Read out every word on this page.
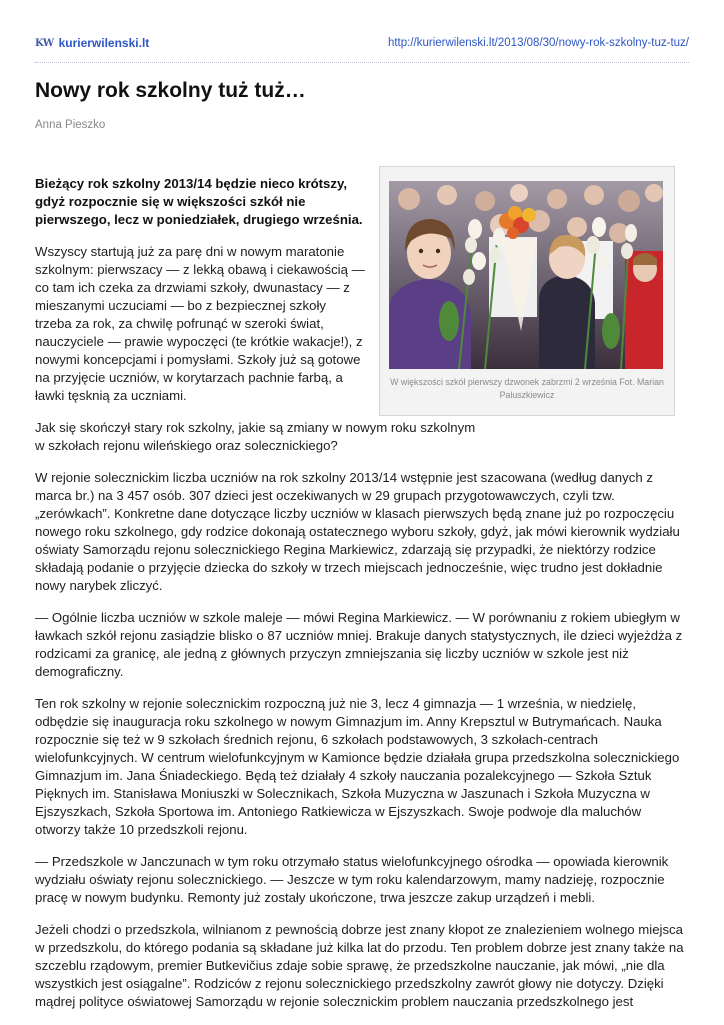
KW kurierwilenski.lt	http://kurierwilenski.lt/2013/08/30/nowy-rok-szkolny-tuz-tuz/
Nowy rok szkolny tuż tuż…
Anna Pieszko
W większości szkół pierwszy dzwonek zabrzmi 2 września Fot. Marian Paluszkiewicz

Bieżący rok szkolny 2013/14 będzie nieco krótszy, gdyż rozpocznie się w większości szkół nie pierwszego, lecz w poniedziałek, drugiego września.

Wszyscy startują już za parę dni w nowym maratonie szkolnym: pierwszacy — z lekką obawą i ciekawością — co tam ich czeka za drzwiami szkoły, dwunastacy — z mieszanymi uczuciami — bo z bezpiecznej szkoły trzeba za rok, za chwilę pofrunąć w szeroki świat, nauczyciele — prawie wypoczęci (te krótkie wakacje!), z nowymi koncepcjami i pomysłami. Szkoły już są gotowe na przyjęcie uczniów, w korytarzach pachnie farbą, a ławki tęsknią za uczniami.

Jak się skończył stary rok szkolny, jakie są zmiany w nowym roku szkolnym w szkołach rejonu wileńskiego oraz solecznickiego?

W rejonie solecznickim liczba uczniów na rok szkolny 2013/14 wstępnie jest szacowana (według danych z marca br.) na 3 457 osób. 307 dzieci jest oczekiwanych w 29 grupach przygotowawczych, czyli tzw. „zerówkach”. Konkretne dane dotyczące liczby uczniów w klasach pierwszych będą znane już po rozpoczęciu nowego roku szkolnego, gdy rodzice dokonają ostatecznego wyboru szkoły, gdyż, jak mówi kierownik wydziału oświaty Samorządu rejonu solecznickiego Regina Markiewicz, zdarzają się przypadki, że niektórzy rodzice składają podanie o przyjęcie dziecka do szkoły w trzech miejscach jednocześnie, więc trudno jest dokładnie nowy narybek zliczyć.

— Ogólnie liczba uczniów w szkole maleje — mówi Regina Markiewicz. — W porównaniu z rokiem ubiegłym w ławkach szkół rejonu zasiądzie blisko o 87 uczniów mniej. Brakuje danych statystycznych, ile dzieci wyjeżdża z rodzicami za granicę, ale jedną z głównych przyczyn zmniejszania się liczby uczniów w szkole jest niż demograficzny.

Ten rok szkolny w rejonie solecznickim rozpoczną już nie 3, lecz 4 gimnazja — 1 września, w niedzielę, odbędzie się inauguracja roku szkolnego w nowym Gimnazjum im. Anny Krepsztul w Butrymańcach. Nauka rozpocznie się też w 9 szkołach średnich rejonu, 6 szkołach podstawowych, 3 szkołach-centrach wielofunkcyjnych. W centrum wielofunkcyjnym w Kamionce będzie działała grupa przedszkolna solecznickiego Gimnazjum im. Jana Śniadeckiego. Będą też działały 4 szkoły nauczania pozalekcyjnego — Szkoła Sztuk Pięknych im. Stanisława Moniuszki w Solecznikach, Szkoła Muzyczna w Jaszunach i Szkoła Muzyczna w Ejszyszkach, Szkoła Sportowa im. Antoniego Ratkiewicza w Ejszyszkach. Swoje podwoje dla maluchów otworzy także 10 przedszkoli rejonu.

— Przedszkole w Janczunach w tym roku otrzymało status wielofunkcyjnego ośrodka — opowiada kierownik wydziału oświaty rejonu solecznickiego. — Jeszcze w tym roku kalendarzowym, mamy nadzieję, rozpocznie pracę w nowym budynku. Remonty już zostały ukończone, trwa jeszcze zakup urządzeń i mebli.

Jeżeli chodzi o przedszkola, wilnianom z pewnością dobrze jest znany kłopot ze znalezieniem wolnego miejsca w przedszkolu, do którego podania są składane już kilka lat do przodu. Ten problem dobrze jest znany także na szczeblu rządowym, premier Butkevičius zdaje sobie sprawę, że przedszkolne nauczanie, jak mówi, „nie dla wszystkich jest osiągalne”. Rodziców z rejonu solecznickiego przedszkolny zawrót głowy nie dotyczy. Dzięki mądrej polityce oświatowej Samorządu w rejonie solecznickim problem nauczania przedszkolnego jest
